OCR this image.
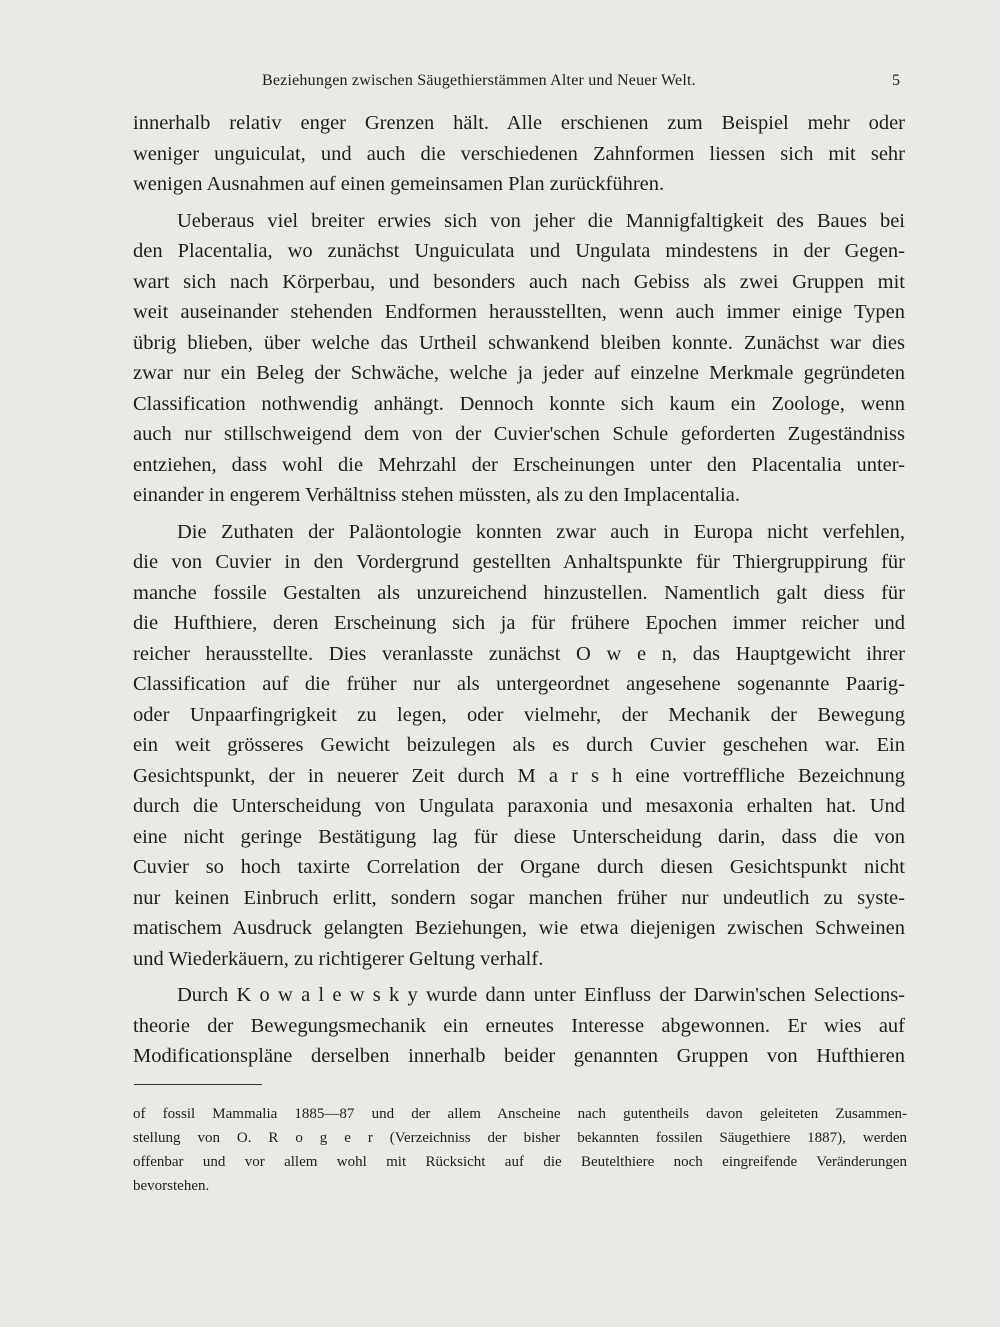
Beziehungen zwischen Säugethierstämmen Alter und Neuer Welt.	5
innerhalb relativ enger Grenzen hält. Alle erschienen zum Beispiel mehr oder
weniger unguiculat, und auch die verschiedenen Zahnformen liessen sich mit sehr
wenigen Ausnahmen auf einen gemeinsamen Plan zurückführen.
Ueberaus viel breiter erwies sich von jeher die Mannigfaltigkeit des Baues bei
den Placentalia, wo zunächst Unguiculata und Ungulata mindestens in der Gegen-
wart sich nach Körperbau, und besonders auch nach Gebiss als zwei Gruppen mit
weit auseinander stehenden Endformen herausstellten, wenn auch immer einige Typen
übrig blieben, über welche das Urtheil schwankend bleiben konnte. Zunächst war dies
zwar nur ein Beleg der Schwäche, welche ja jeder auf einzelne Merkmale gegründeten
Classification nothwendig anhängt. Dennoch konnte sich kaum ein Zoologe, wenn
auch nur stillschweigend dem von der Cuvier'schen Schule geforderten Zugeständniss
entziehen, dass wohl die Mehrzahl der Erscheinungen unter den Placentalia unter-
einander in engerem Verhältniss stehen müssten, als zu den Implacentalia.
Die Zuthaten der Paläontologie konnten zwar auch in Europa nicht verfehlen,
die von Cuvier in den Vordergrund gestellten Anhaltspunkte für Thiergruppirung für
manche fossile Gestalten als unzureichend hinzustellen. Namentlich galt diess für
die Hufthiere, deren Erscheinung sich ja für frühere Epochen immer reicher und
reicher herausstellte. Dies veranlasste zunächst O w e n, das Hauptgewicht ihrer
Classification auf die früher nur als untergeordnet angesehene sogenannte Paarig-
oder Unpaarfingrigkeit zu legen, oder vielmehr, der Mechanik der Bewegung
ein weit grösseres Gewicht beizulegen als es durch Cuvier geschehen war. Ein
Gesichtspunkt, der in neuerer Zeit durch M a r s h eine vortreffliche Bezeichnung
durch die Unterscheidung von Ungulata paraxonia und mesaxonia erhalten hat. Und
eine nicht geringe Bestätigung lag für diese Unterscheidung darin, dass die von
Cuvier so hoch taxirte Correlation der Organe durch diesen Gesichtspunkt nicht
nur keinen Einbruch erlitt, sondern sogar manchen früher nur undeutlich zu syste-
matischem Ausdruck gelangten Beziehungen, wie etwa diejenigen zwischen Schweinen
und Wiederkäuern, zu richtigerer Geltung verhalf.
Durch K o w a l e w s k y wurde dann unter Einfluss der Darwin'schen Selections-
theorie der Bewegungsmechanik ein erneutes Interesse abgewonnen. Er wies auf
Modificationspläne derselben innerhalb beider genannten Gruppen von Hufthieren
of fossil Mammalia 1885—87 und der allem Anscheine nach gutentheils davon geleiteten Zusammen-
stellung von O. R o g e r (Verzeichniss der bisher bekannten fossilen Säugethiere 1887), werden
offenbar und vor allem wohl mit Rücksicht auf die Beutelthiere noch eingreifende Veränderungen
bevorstehen.
